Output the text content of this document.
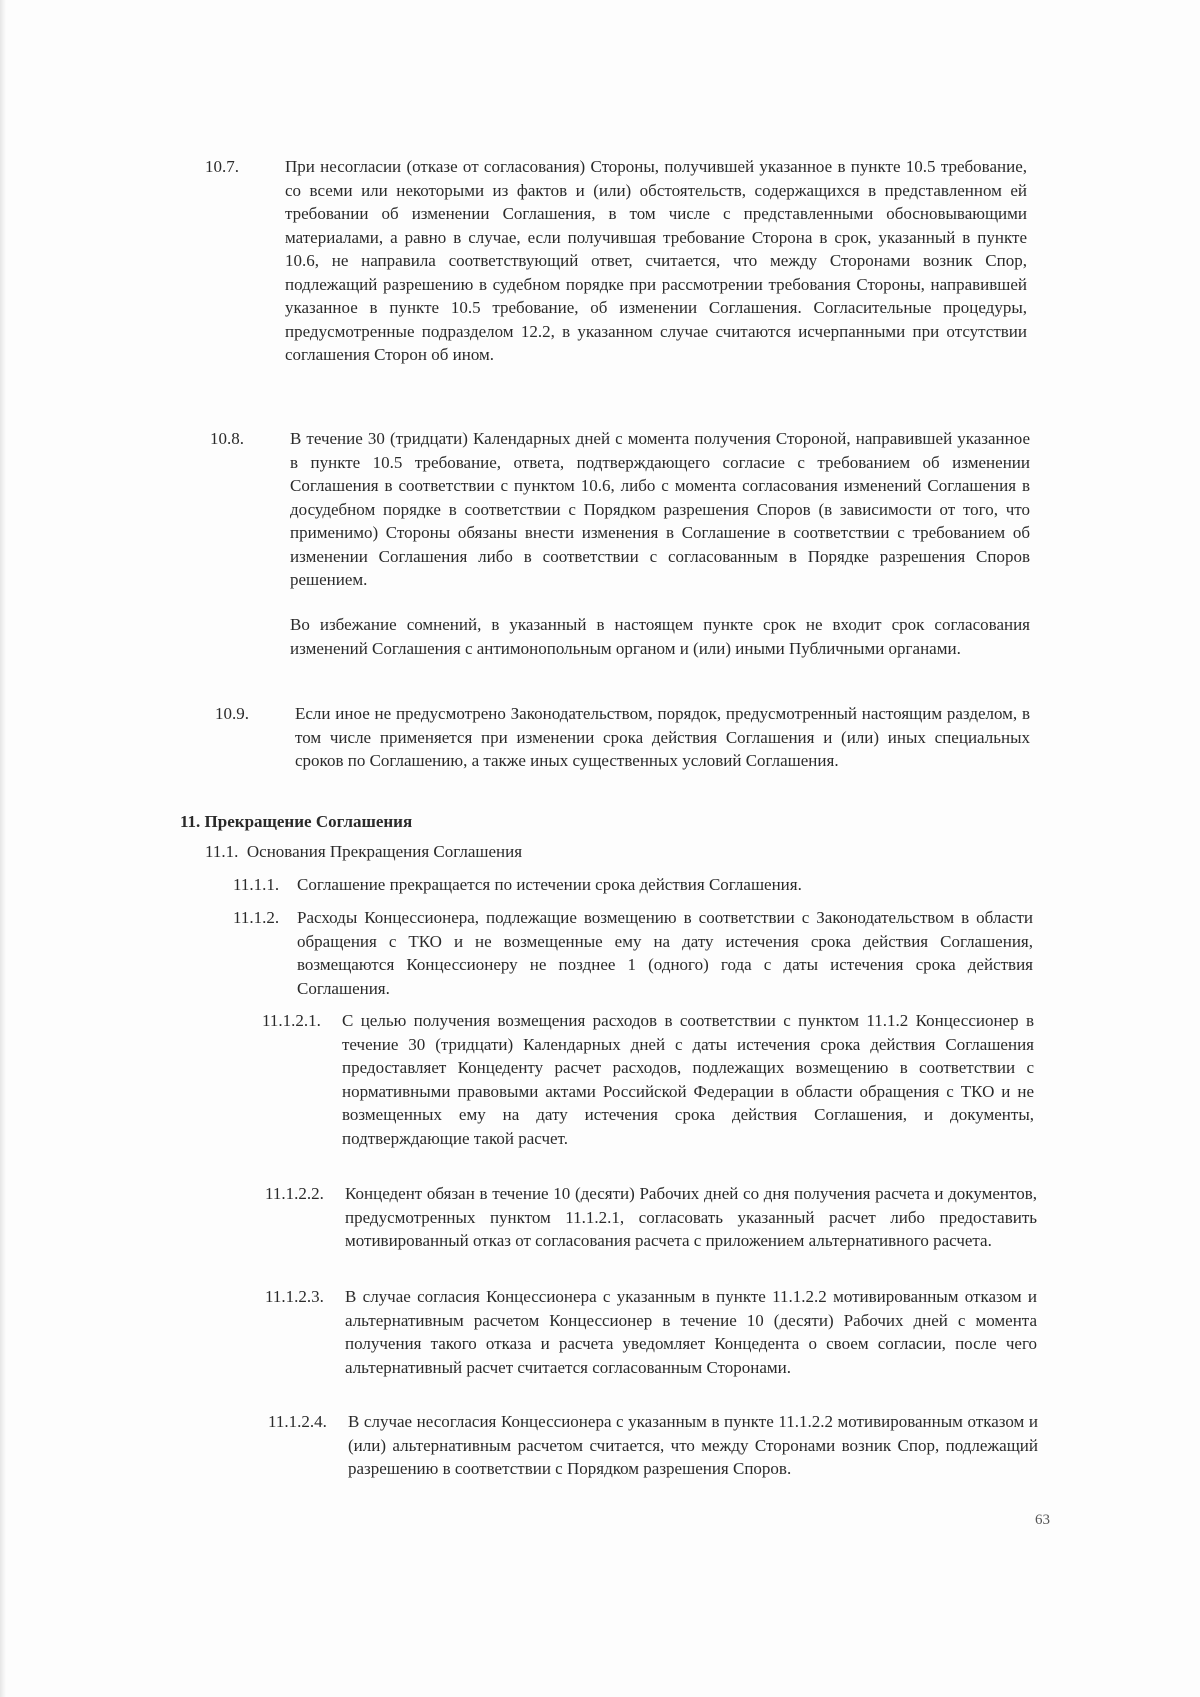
10.7.	При несогласии (отказе от согласования) Стороны, получившей указанное в пункте 10.5 требование, со всеми или некоторыми из фактов и (или) обстоятельств, содержащихся в представленном ей требовании об изменении Соглашения, в том числе с представленными обосновывающими материалами, а равно в случае, если получившая требование Сторона в срок, указанный в пункте 10.6, не направила соответствующий ответ, считается, что между Сторонами возник Спор, подлежащий разрешению в судебном порядке при рассмотрении требования Стороны, направившей указанное в пункте 10.5 требование, об изменении Соглашения. Согласительные процедуры, предусмотренные подразделом 12.2, в указанном случае считаются исчерпанными при отсутствии соглашения Сторон об ином.
10.8.	В течение 30 (тридцати) Календарных дней с момента получения Стороной, направившей указанное в пункте 10.5 требование, ответа, подтверждающего согласие с требованием об изменении Соглашения в соответствии с пунктом 10.6, либо с момента согласования изменений Соглашения в досудебном порядке в соответствии с Порядком разрешения Споров (в зависимости от того, что применимо) Стороны обязаны внести изменения в Соглашение в соответствии с требованием об изменении Соглашения либо в соответствии с согласованным в Порядке разрешения Споров решением.
Во избежание сомнений, в указанный в настоящем пункте срок не входит срок согласования изменений Соглашения с антимонопольным органом и (или) иными Публичными органами.
10.9.	Если иное не предусмотрено Законодательством, порядок, предусмотренный настоящим разделом, в том числе применяется при изменении срока действия Соглашения и (или) иных специальных сроков по Соглашению, а также иных существенных условий Соглашения.
11. Прекращение Соглашения
11.1.  Основания Прекращения Соглашения
11.1.1.	Соглашение прекращается по истечении срока действия Соглашения.
11.1.2.	Расходы Концессионера, подлежащие возмещению в соответствии с Законодательством в области обращения с ТКО и не возмещенные ему на дату истечения срока действия Соглашения, возмещаются Концессионеру не позднее 1 (одного) года с даты истечения срока действия Соглашения.
11.1.2.1.	С целью получения возмещения расходов в соответствии с пунктом 11.1.2 Концессионер в течение 30 (тридцати) Календарных дней с даты истечения срока действия Соглашения предоставляет Концеденту расчет расходов, подлежащих возмещению в соответствии с нормативными правовыми актами Российской Федерации в области обращения с ТКО и не возмещенных ему на дату истечения срока действия Соглашения, и документы, подтверждающие такой расчет.
11.1.2.2.	Концедент обязан в течение 10 (десяти) Рабочих дней со дня получения расчета и документов, предусмотренных пунктом 11.1.2.1, согласовать указанный расчет либо предоставить мотивированный отказ от согласования расчета с приложением альтернативного расчета.
11.1.2.3.	В случае согласия Концессионера с указанным в пункте 11.1.2.2 мотивированным отказом и альтернативным расчетом Концессионер в течение 10 (десяти) Рабочих дней с момента получения такого отказа и расчета уведомляет Концедента о своем согласии, после чего альтернативный расчет считается согласованным Сторонами.
11.1.2.4.	В случае несогласия Концессионера с указанным в пункте 11.1.2.2 мотивированным отказом и (или) альтернативным расчетом считается, что между Сторонами возник Спор, подлежащий разрешению в соответствии с Порядком разрешения Споров.
63
